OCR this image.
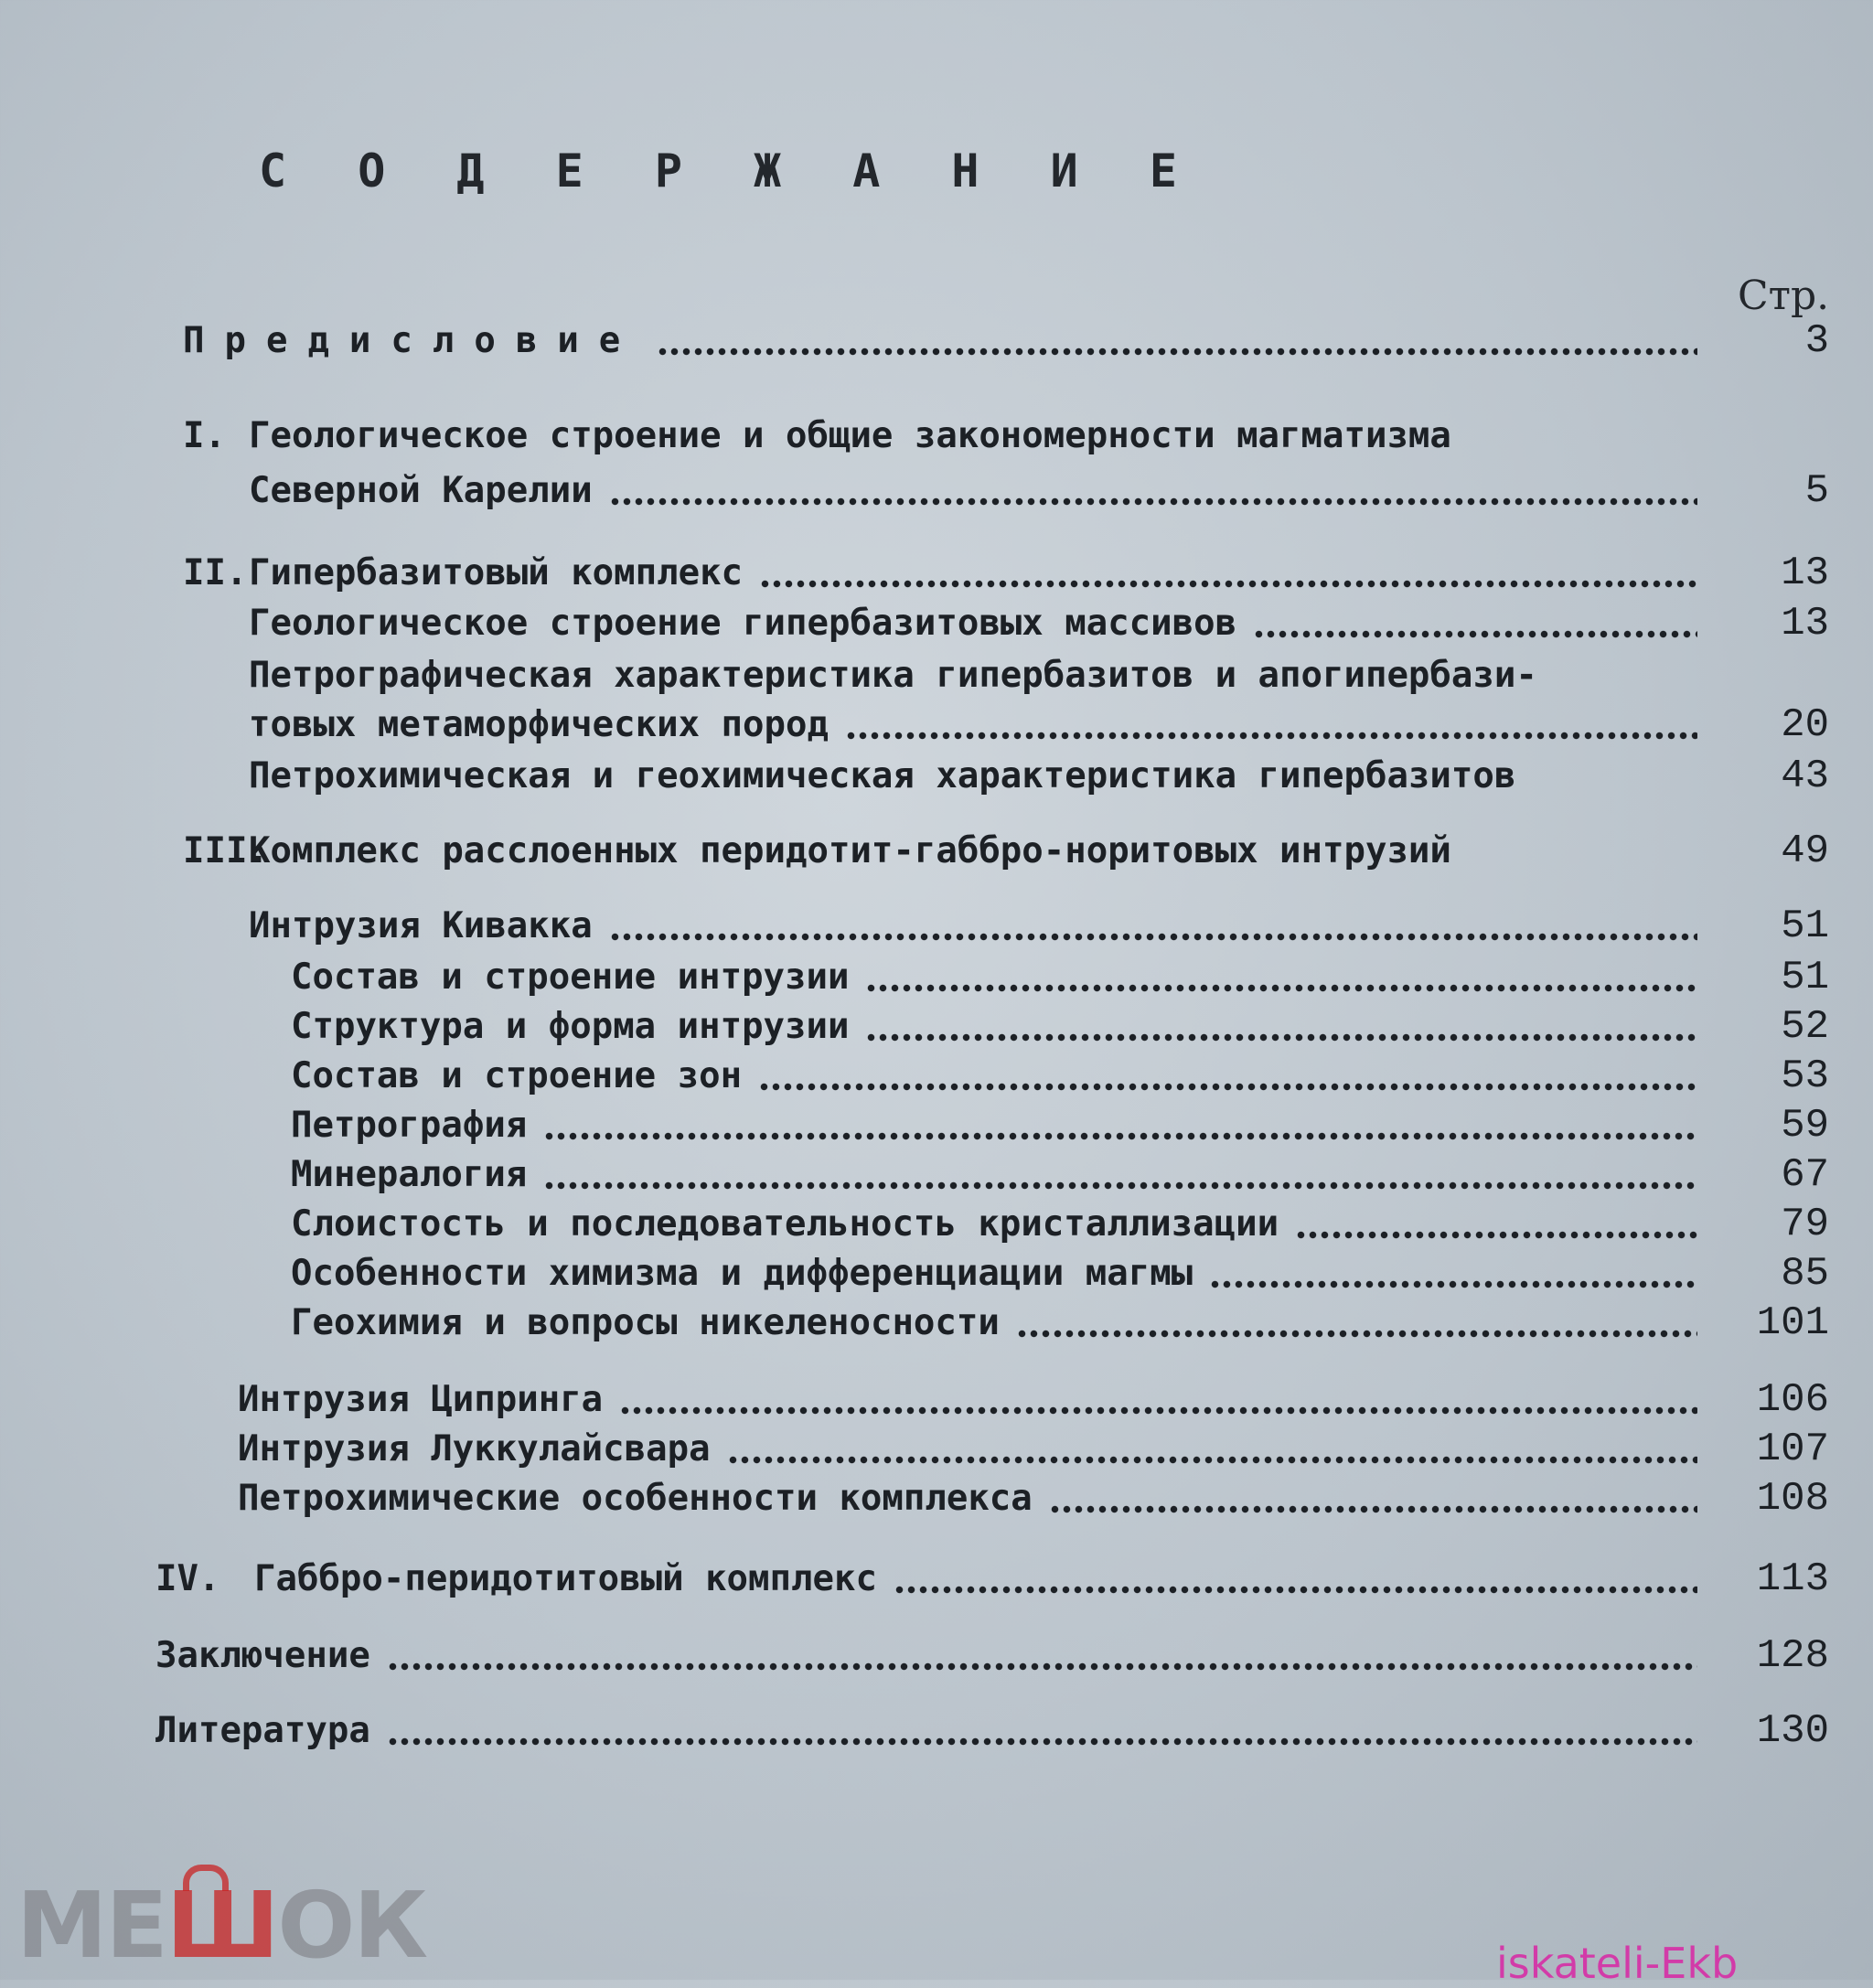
С О Д Е Р Ж А Н И Е
Стр.
Предисловие	3
I. Геологическое строение и общие закономерности магматизма
Северной Карелии	5
II. Гипербазитовый комплекс	13
Геологическое строение гипербазитовых массивов	13
Петрографическая характеристика гипербазитов и апогипербази-
товых метаморфических пород	20
Петрохимическая и геохимическая характеристика гипербазитов	43
III.
Комплекс расслоенных перидотит-габбро-норитовых интрузий	49
Интрузия Кивакка	51
Состав и строение интрузии	51
Структура и форма интрузии	52
Состав и строение зон	53
Петрография	59
Минералогия	67
Слоистость и последовательность кристаллизации	79
Особенности химизма и дифференциации магмы	85
Геохимия и вопросы никеленосности	101
Интрузия Ципринга	106
Интрузия Луккулайсвара	107
Петрохимические особенности комплекса	108
IV. Габбро-перидотитовый комплекс	113
Заключение	128
Литература	130
МЕ Ш ОК	iskateli-Ekb
